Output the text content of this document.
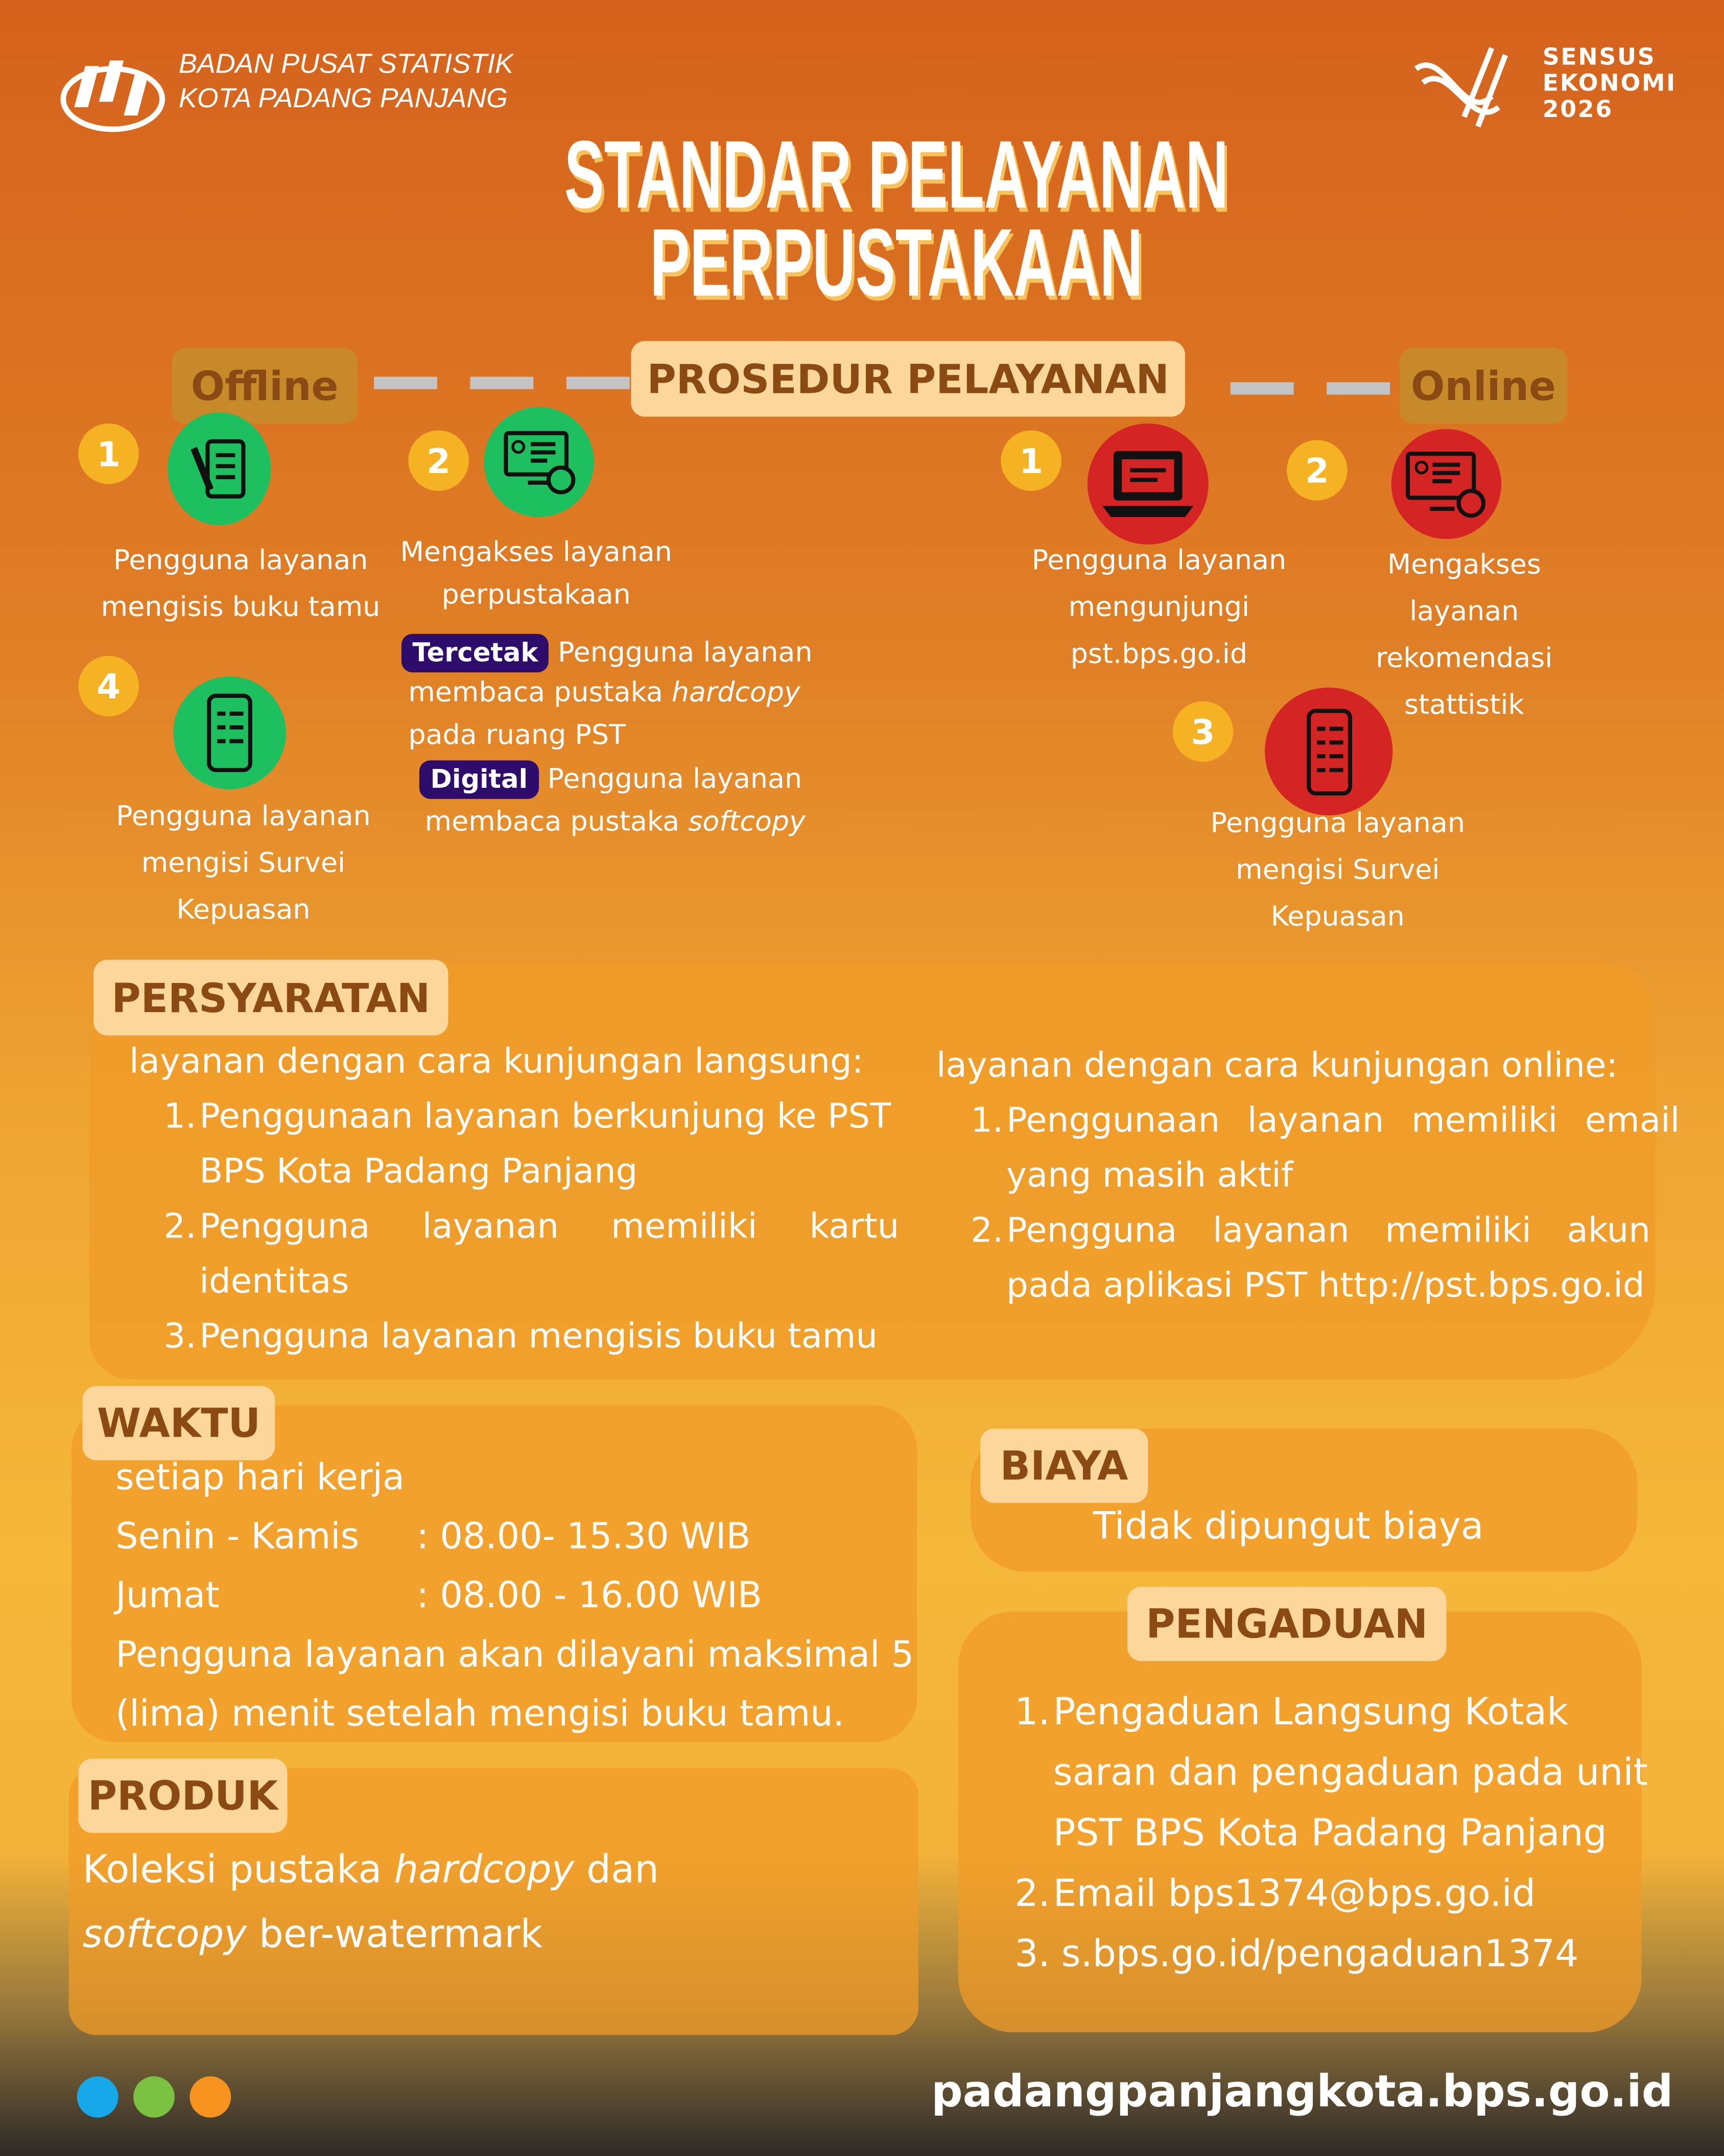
BADAN PUSAT STATISTIK
KOTA PADANG PANJANG
SENSUS
EKONOMI
2026
STANDAR PELAYANAN
PERPUSTAKAAN
Offline	PROSEDUR PELAYANAN	Online
1
Pengguna layanan
mengisis buku tamu
2
Mengakses layanan
perpustakaan
Tercetak Pengguna layanan
membaca pustaka hardcopy
pada ruang PST
Digital Pengguna layanan
membaca pustaka softcopy
4
Pengguna layanan
mengisi Survei
Kepuasan
1
Pengguna layanan
mengunjungi
pst.bps.go.id
2
Mengakses layanan
rekomendasi stattistik
3
Pengguna layanan
mengisi Survei
Kepuasan
PERSYARATAN
layanan dengan cara kunjungan langsung:
1. Penggunaan layanan berkunjung ke PST
BPS Kota Padang Panjang
2. Pengguna layanan memiliki kartu
identitas
3. Pengguna layanan mengisis buku tamu
layanan dengan cara kunjungan online:
1. Penggunaan layanan memiliki email
yang masih aktif
2. Pengguna layanan memiliki akun
pada aplikasi PST http://pst.bps.go.id
WAKTU
setiap hari kerja
Senin - Kamis	: 08.00- 15.30 WIB
Jumat	: 08.00 - 16.00 WIB
Pengguna layanan akan dilayani maksimal 5
(lima) menit setelah mengisi buku tamu.
PRODUK
Koleksi pustaka hardcopy dan
softcopy ber-watermark
BIAYA
Tidak dipungut biaya
PENGADUAN
1. Pengaduan Langsung Kotak
saran dan pengaduan pada unit
PST BPS Kota Padang Panjang
2. Email bps1374@bps.go.id
3. s.bps.go.id/pengaduan1374
padangpanjangkota.bps.go.id
